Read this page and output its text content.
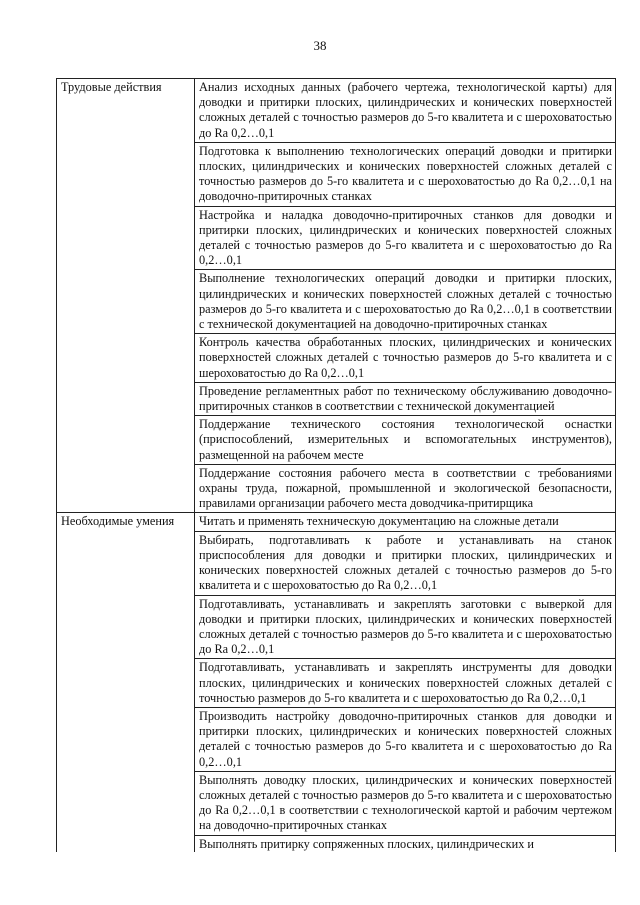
38
Трудовые действия	Анализ исходных данных (рабочего чертежа, технологической карты) для доводки и притирки плоских, цилиндрических и конических поверхностей сложных деталей с точностью размеров до 5-го квалитета и с шероховатостью до Ra 0,2…0,1
	Подготовка к выполнению технологических операций доводки и притирки плоских, цилиндрических и конических поверхностей сложных деталей с точностью размеров до 5-го квалитета и с шероховатостью до Ra 0,2…0,1 на доводочно-притирочных станках
	Настройка и наладка доводочно-притирочных станков для доводки и притирки плоских, цилиндрических и конических поверхностей сложных деталей с точностью размеров до 5-го квалитета и с шероховатостью до Ra 0,2…0,1
	Выполнение технологических операций доводки и притирки плоских, цилиндрических и конических поверхностей сложных деталей с точностью размеров до 5-го квалитета и с шероховатостью до Ra 0,2…0,1 в соответствии с технической документацией на доводочно-притирочных станках
	Контроль качества обработанных плоских, цилиндрических и конических поверхностей сложных деталей с точностью размеров до 5-го квалитета и с шероховатостью до Ra 0,2…0,1
	Проведение регламентных работ по техническому обслуживанию доводочно-притирочных станков в соответствии с технической документацией
	Поддержание технического состояния технологической оснастки (приспособлений, измерительных и вспомогательных инструментов), размещенной на рабочем месте
	Поддержание состояния рабочего места в соответствии с требованиями охраны труда, пожарной, промышленной и экологической безопасности, правилами организации рабочего места доводчика-притирщика
Необходимые умения	Читать и применять техническую документацию на сложные детали
	Выбирать, подготавливать к работе и устанавливать на станок приспособления для доводки и притирки плоских, цилиндрических и конических поверхностей сложных деталей с точностью размеров до 5-го квалитета и с шероховатостью до Ra 0,2…0,1
	Подготавливать, устанавливать и закреплять заготовки с выверкой для доводки и притирки плоских, цилиндрических и конических поверхностей сложных деталей с точностью размеров до 5-го квалитета и с шероховатостью до Ra 0,2…0,1
	Подготавливать, устанавливать и закреплять инструменты для доводки плоских, цилиндрических и конических поверхностей сложных деталей с точностью размеров до 5-го квалитета и с шероховатостью до Ra 0,2…0,1
	Производить настройку доводочно-притирочных станков для доводки и притирки плоских, цилиндрических и конических поверхностей сложных деталей с точностью размеров до 5-го квалитета и с шероховатостью до Ra 0,2…0,1
	Выполнять доводку плоских, цилиндрических и конических поверхностей сложных деталей с точностью размеров до 5-го квалитета и с шероховатостью до Ra 0,2…0,1 в соответствии с технологической картой и рабочим чертежом на доводочно-притирочных станках
	Выполнять притирку сопряженных плоских, цилиндрических и
